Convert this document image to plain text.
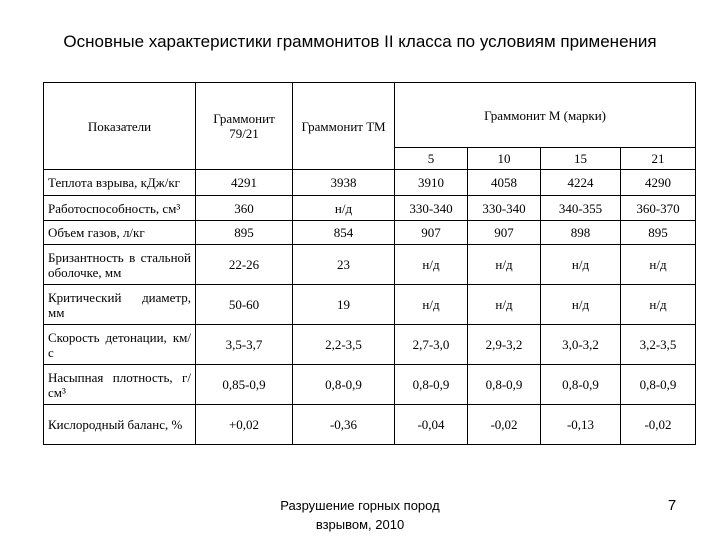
Основные характеристики граммонитов II класса по условиям применения
Показатели	Граммонит 79/21	Граммонит ТМ	Граммонит М (марки)			
			5	10	15	21
Теплота взрыва, кДж/кг	4291	3938	3910	4058	4224	4290
Работоспособность, см³	360	н/д	330-340	330-340	340-355	360-370
Объем газов, л/кг	895	854	907	907	898	895
Бризантность в стальной оболочке, мм	22-26	23	н/д	н/д	н/д	н/д
Критический диаметр, мм	50-60	19	н/д	н/д	н/д	н/д
Скорость детонации, км/с	3,5-3,7	2,2-3,5	2,7-3,0	2,9-3,2	3,0-3,2	3,2-3,5
Насыпная плотность, г/см³	0,85-0,9	0,8-0,9	0,8-0,9	0,8-0,9	0,8-0,9	0,8-0,9
Кислородный баланс, %	+0,02	-0,36	-0,04	-0,02	-0,13	-0,02
Разрушение горных пород
взрывом, 2010
7
